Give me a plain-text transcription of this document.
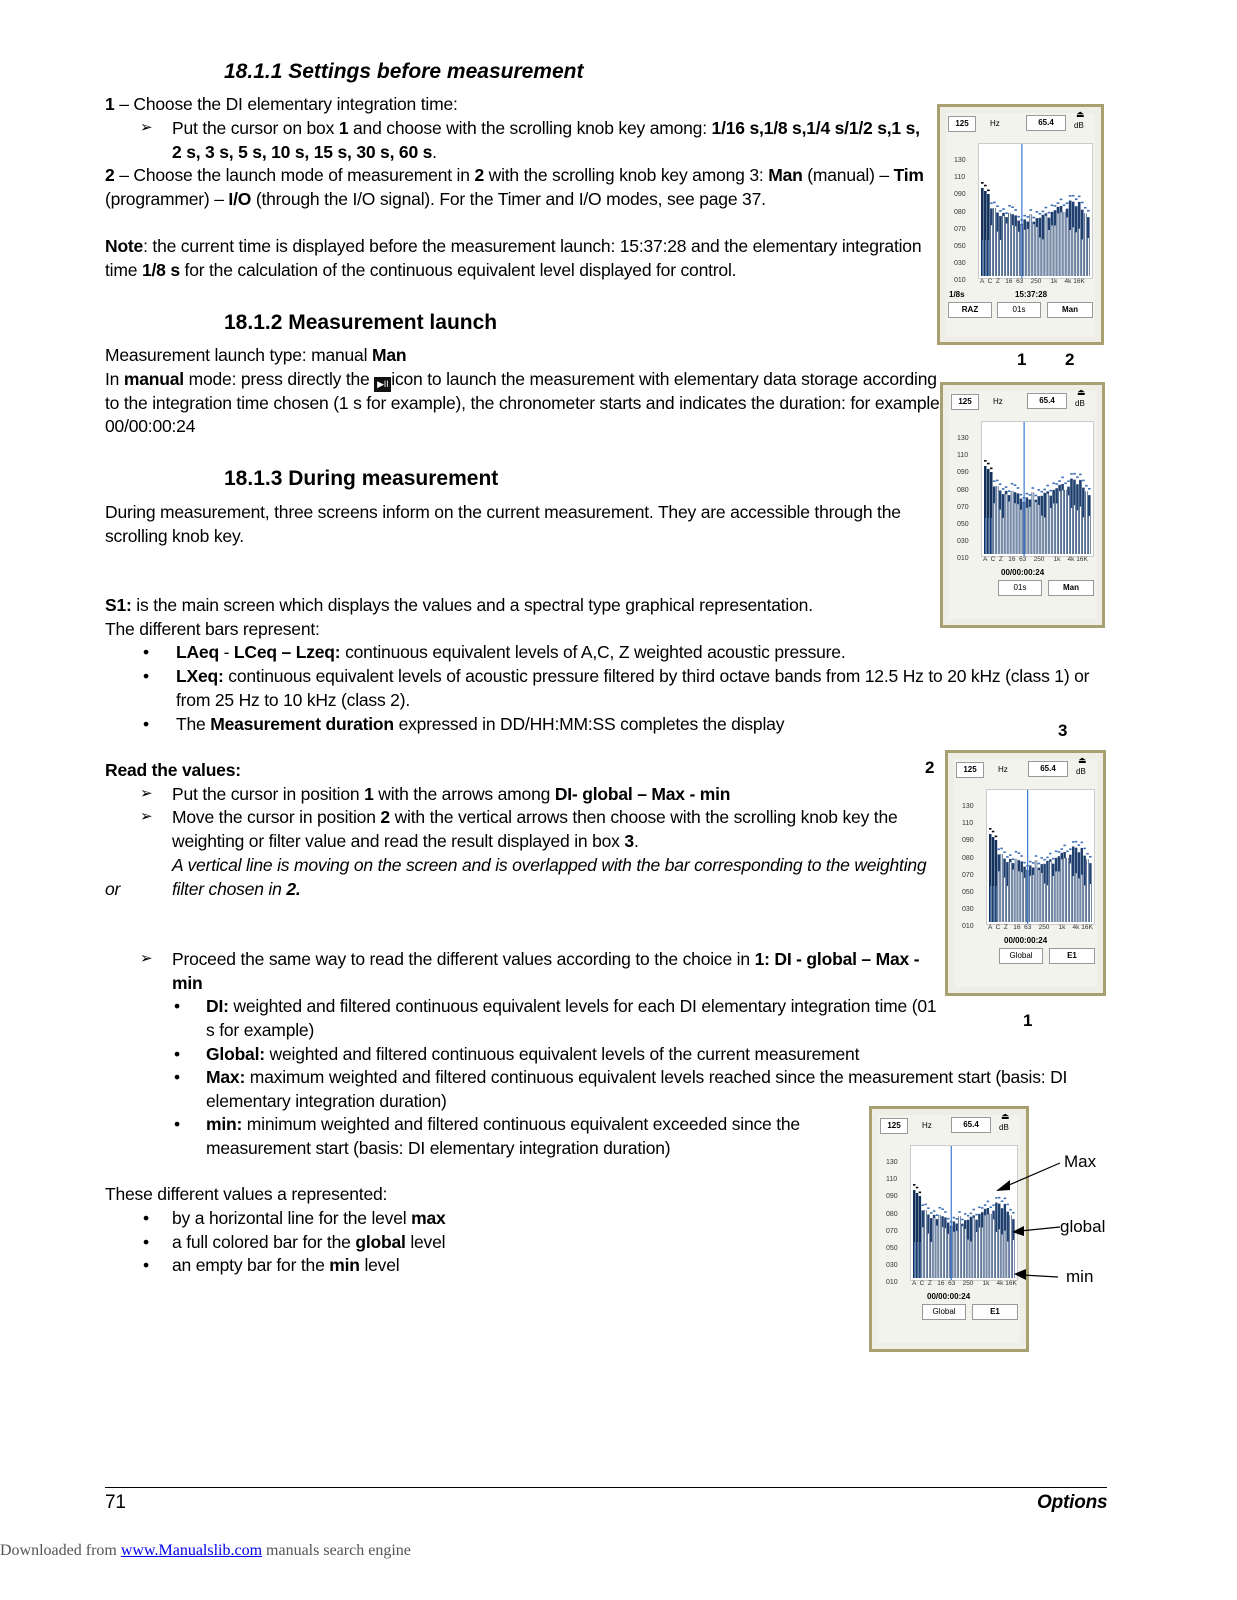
18.1.1 Settings before measurement
18.1.2 Measurement launch
18.1.3 During measurement
1 – Choose the DI elementary integration time:
➢ Put the cursor on box 1 and choose with the scrolling knob key among: 1/16 s,1/8 s,1/4 s/1/2 s,1 s,
2 s, 3 s, 5 s, 10 s, 15 s, 30 s, 60 s.
2 – Choose the launch mode of measurement in 2 with the scrolling knob key among 3: Man (manual) – Tim
(programmer) – I/O (through the I/O signal). For the Timer and I/O modes, see page 37.
Note: the current time is displayed before the measurement launch: 15:37:28 and the elementary integration
time 1/8 s for the calculation of the continuous equivalent level displayed for control.
Measurement launch type: manual Man
In manual mode: press directly the ▶II icon to launch the measurement with elementary data storage according
to the integration time chosen (1 s for example), the chronometer starts and indicates the duration: for example
00/00:00:24
During measurement, three screens inform on the current measurement. They are accessible through the
scrolling knob key.
S1: is the main screen which displays the values and a spectral type graphical representation.
The different bars represent:
• LAeq - LCeq – Lzeq: continuous equivalent levels of A,C, Z weighted acoustic pressure.
• LXeq: continuous equivalent levels of acoustic pressure filtered by third octave bands from 12.5 Hz to 20 kHz (class 1) or
from 25 Hz to 10 kHz (class 2).
• The Measurement duration expressed in DD/HH:MM:SS completes the display
Read the values:
➢ Put the cursor in position 1 with the arrows among DI- global – Max - min
➢ Move the cursor in position 2 with the vertical arrows then choose with the scrolling knob key the
weighting or filter value and read the result displayed in box 3.
A vertical line is moving on the screen and is overlapped with the bar corresponding to the weighting
or	filter chosen in 2.
➢ Proceed the same way to read the different values according to the choice in 1: DI - global – Max -
min
• DI: weighted and filtered continuous equivalent levels for each DI elementary integration time (01
s for example)
• Global: weighted and filtered continuous equivalent levels of the current measurement
• Max: maximum weighted and filtered continuous equivalent levels reached since the measurement start (basis: DI
elementary integration duration)
• min: minimum weighted and filtered continuous equivalent exceeded since the
measurement start (basis: DI elementary integration duration)
These different values a represented:
• by a horizontal line for the level max
• a full colored bar for the global level
• an empty bar for the min level
125	Hz	65.4	dB
⏏
130
110
090
080
070
050
030
010 A  C  Z   16  63    250     1k    4k 16K
1/8s	15:37:28
RAZ	01s	Man
125	Hz	65.4	dB
⏏
130
110
090
080
070
050
030
010 A  C  Z   16  63    250     1k    4k 16K
00/00:00:24
01s	Man
125	Hz	65.4	dB
⏏
130
110
090
080
070
050
030
010 A  C  Z   16  63    250     1k    4k 16K
00/00:00:24
Global	E1
125	Hz	65.4	dB
⏏
130
110
090
080
070
050
030
010 A  C  Z   16  63    250     1k    4k 16K
00/00:00:24
Global	E1
1 2
3
2
1
Max
global
min
71	Options
Downloaded from www.Manualslib.com manuals search engine
